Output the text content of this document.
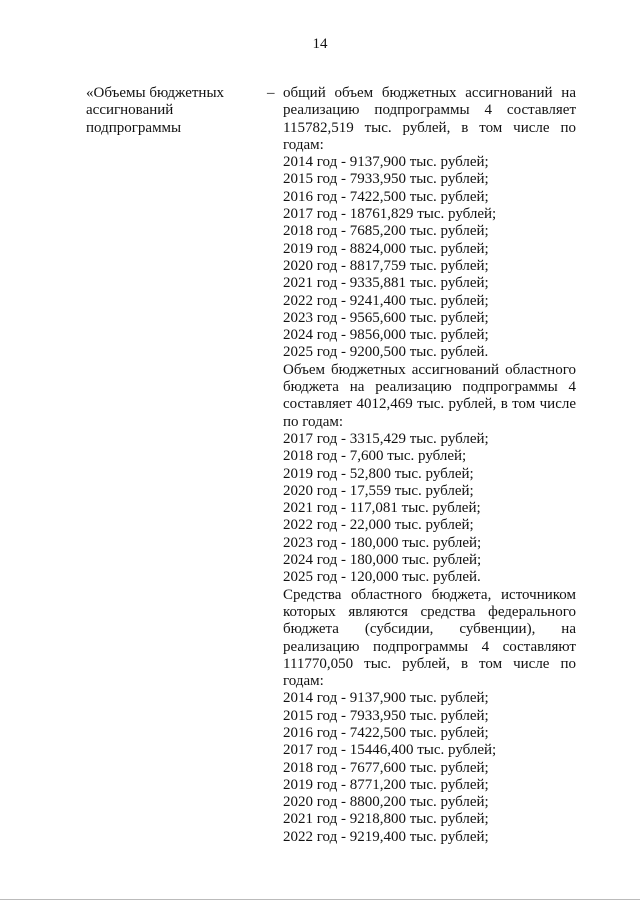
14
«Объемы бюджетных
ассигнований
подпрограммы
– общий объем бюджетных ассигнований на
реализацию подпрограммы 4 составляет
115782,519 тыс. рублей, в том числе по
годам:
2014 год - 9137,900 тыс. рублей;
2015 год - 7933,950 тыс. рублей;
2016 год - 7422,500 тыс. рублей;
2017 год - 18761,829 тыс. рублей;
2018 год - 7685,200 тыс. рублей;
2019 год - 8824,000 тыс. рублей;
2020 год - 8817,759 тыс. рублей;
2021 год - 9335,881 тыс. рублей;
2022 год - 9241,400 тыс. рублей;
2023 год - 9565,600 тыс. рублей;
2024 год - 9856,000 тыс. рублей;
2025 год - 9200,500 тыс. рублей.
Объем бюджетных ассигнований областного
бюджета на реализацию подпрограммы 4
составляет 4012,469 тыс. рублей, в том числе
по годам:
2017 год - 3315,429 тыс. рублей;
2018 год - 7,600 тыс. рублей;
2019 год - 52,800 тыс. рублей;
2020 год - 17,559 тыс. рублей;
2021 год - 117,081 тыс. рублей;
2022 год - 22,000 тыс. рублей;
2023 год - 180,000 тыс. рублей;
2024 год - 180,000 тыс. рублей;
2025 год - 120,000 тыс. рублей.
Средства областного бюджета, источником
которых являются средства федерального
бюджета (субсидии, субвенции), на
реализацию подпрограммы 4 составляют
111770,050 тыс. рублей, в том числе по
годам:
2014 год - 9137,900 тыс. рублей;
2015 год - 7933,950 тыс. рублей;
2016 год - 7422,500 тыс. рублей;
2017 год - 15446,400 тыс. рублей;
2018 год - 7677,600 тыс. рублей;
2019 год - 8771,200 тыс. рублей;
2020 год - 8800,200 тыс. рублей;
2021 год - 9218,800 тыс. рублей;
2022 год - 9219,400 тыс. рублей;
